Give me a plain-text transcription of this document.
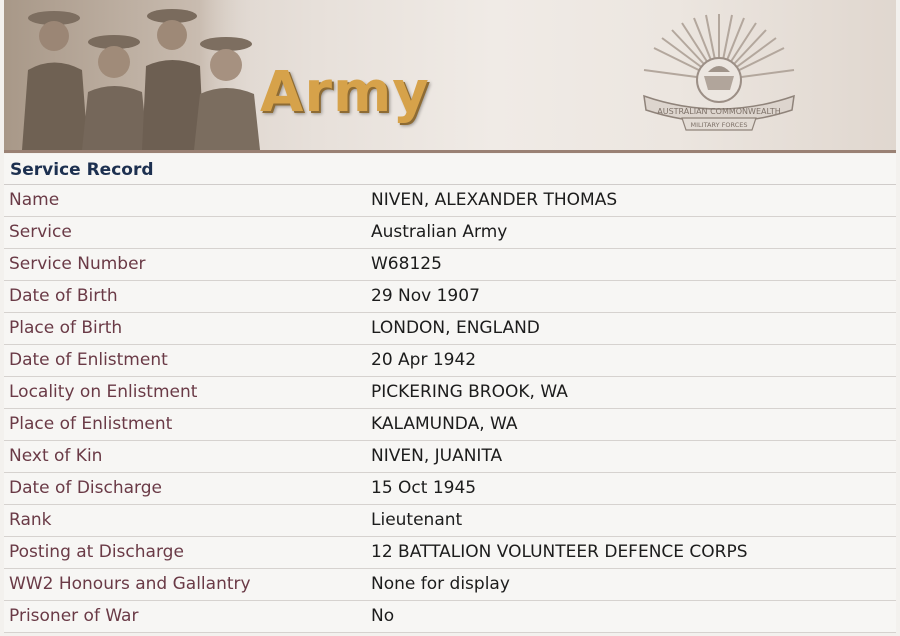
Army	AUSTRALIAN COMMONWEALTH
MILITARY FORCES
Service Record
Name	NIVEN, ALEXANDER THOMAS
Service	Australian Army
Service Number	W68125
Date of Birth	29 Nov 1907
Place of Birth	LONDON, ENGLAND
Date of Enlistment	20 Apr 1942
Locality on Enlistment	PICKERING BROOK, WA
Place of Enlistment	KALAMUNDA, WA
Next of Kin	NIVEN, JUANITA
Date of Discharge	15 Oct 1945
Rank	Lieutenant
Posting at Discharge	12 BATTALION VOLUNTEER DEFENCE CORPS
WW2 Honours and Gallantry	None for display
Prisoner of War	No
